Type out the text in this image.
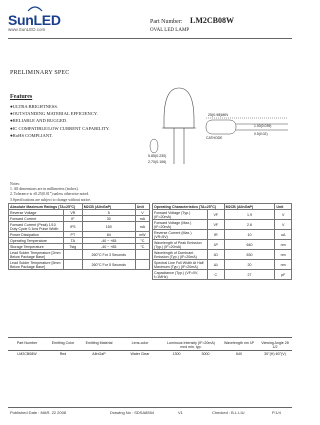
SunLED
www.SunLED.com
Part Number: LM2CB08W
OVAL LED LAMP
PRELIMINARY SPEC
5.85(0.230)
2.70(0.106)
25(0.98)MIN
1.00(0.039)
CATHODE
0.5(0.02)
Features
●ULTRA BRIGHTNESS.
●OUTSTANDING MATERIAL EFFICIENCY.
●RELIABLE AND RUGGED.
●IC COMPATIBLE/LOW CURRENT CAPABILITY.
●RoHS COMPLIANT.
Notes:
1. All dimensions are in millimeters (inches).
2. Tolerance is ±0.25(0.01") unless otherwise noted.
3.Specifications are subject to change without notice.
Absolute Maximum Ratings (TA=25°C)		M2CB (AlInGaP)	Unit
Reverse Voltage	VR	5	V
Forward Current	IF	30	mA
Forward Current (Peak) 1/10 Duty Cycle 0.1ms Pulse Width	iFS	150	mA
Power Dissipation	PT	84	mW
Operating Temperature	TA	-40 ~ +85	°C
Storage Temperature	Tstg	-40 ~ +85	°C
Lead Solder Temperature [2mm Below Package Base]		260°C For 3 Seconds	
Lead Solder Temperature [5mm Below Package Base]		260°C For 5 Seconds	
Operating Characteristics (TA=25°C)		M2CB (AlInGaP)	Unit
Forward Voltage (Typ.) (IF=20mA)	VF	1.9	V
Forward Voltage (Max.) (IF=20mA)	VF	2.6	V
Reverse Current (Max.) (VR=5V)	IR	10	uA
Wavelength of Peak Emission (Typ.) (IF=20mA)	λP	640	nm
Wavelength of Dominant Emission (Typ.) (IF=20mA)	λD	630	nm
Spectral Line Full Width At Half Maximum (Typ.) (IF=20mA)	Δλ	20	nm
Capacitance (Typ.) (VF=0V, f=1MHz)	C	27	pF
Part Number	Emitting Color	Emitting Material	Lens-color	Luminous Intensity (IF=20mA) mcd min. typ.		Wavelength nm λP	Viewing Angle 2θ 1/2
LM2CB08W	Red	AlInGaP	Water Clear	1300	3000	640	30°(H) 60°(V)
Published Date : MAR. 22 2008	Drawing No : SDSA8554	V1	Checked : B.L.LIU	P.1/4
